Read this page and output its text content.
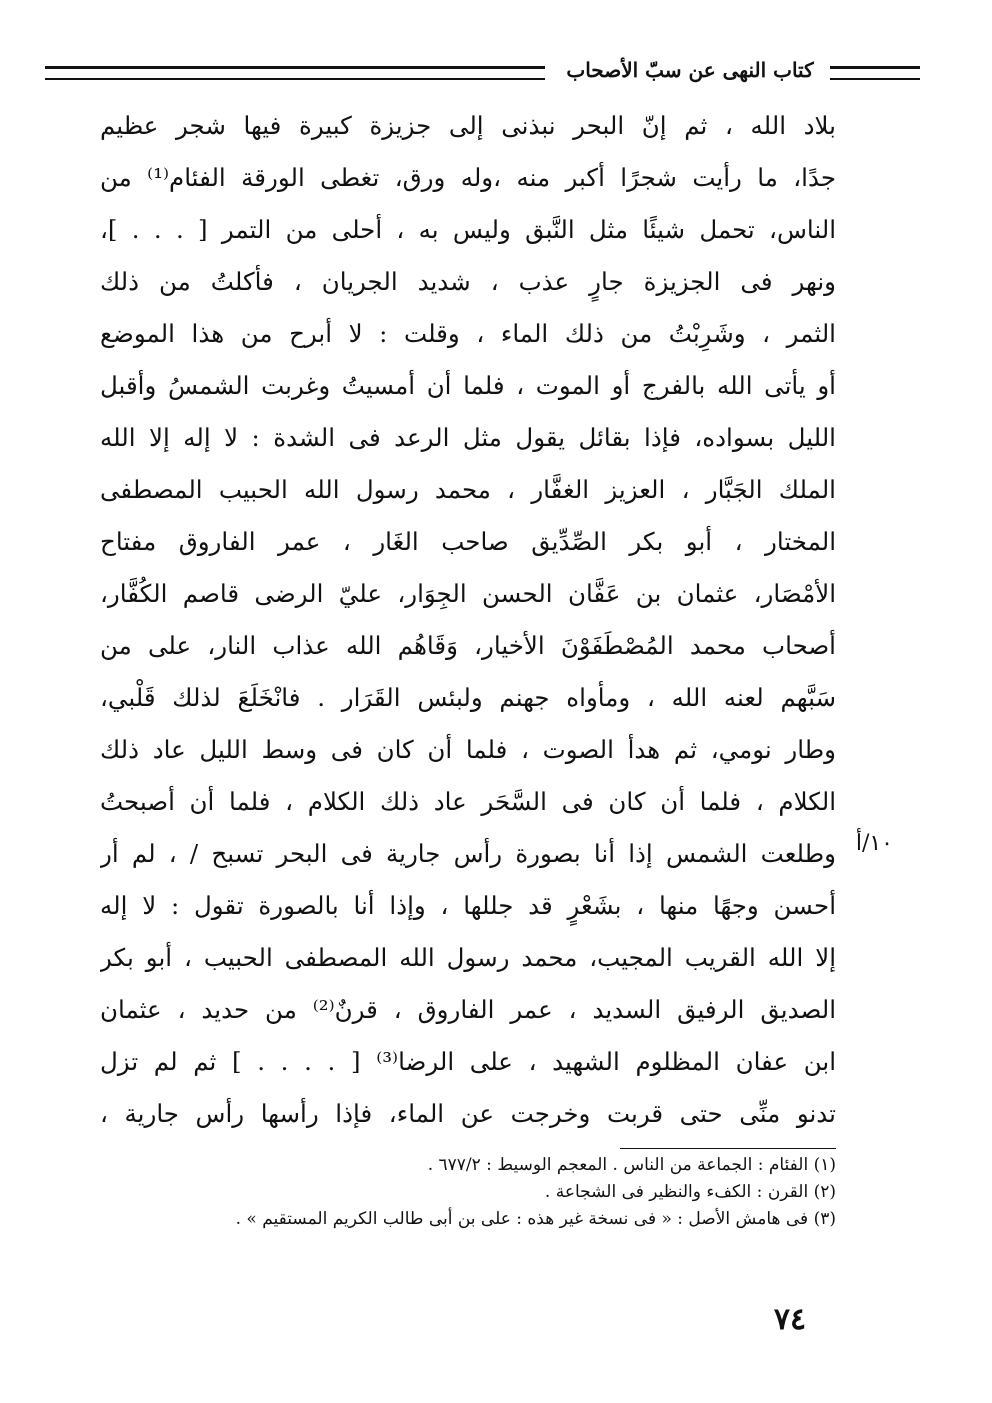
كتاب النهى عن سبّ الأصحاب
بلاد الله ، ثم إنّ البحر نبذنى إلى جزيزة كبيرة فيها شجر عظيم
جدًا، ما رأيت شجرًا أكبر منه ،وله ورق، تغطى الورقة الفئام⁽¹⁾ من
الناس، تحمل شيئًا مثل النَّبق وليس به ، أحلى من التمر [ . . . ]،
ونهر فى الجزيزة جارٍ عذب ، شديد الجريان ، فأكلتُ من ذلك
الثمر ، وشَرِبْتُ من ذلك الماء ، وقلت : لا أبرح من هذا الموضع
أو يأتى الله بالفرج أو الموت ، فلما أن أمسيتُ وغربت الشمسُ وأقبل
الليل بسواده، فإذا بقائل يقول مثل الرعد فى الشدة : لا إله إلا الله
الملك الجَبَّار ، العزيز الغفَّار ، محمد رسول الله الحبيب المصطفى
المختار ، أبو بكر الصِّدِّيق صاحب الغَار ، عمر الفاروق مفتاح
الأمْصَار، عثمان بن عَفَّان الحسن الجِوَار، عليّ الرضى قاصم الكُفَّار،
أصحاب محمد المُصْطَفَوْنَ الأخيار، وَقَاهُم الله عذاب النار، على من
سَبَّهم لعنه الله ، ومأواه جهنم ولبئس القَرَار . فانْخَلَعَ لذلك قَلْبي،
وطار نومي، ثم هدأ الصوت ، فلما أن كان فى وسط الليل عاد ذلك
الكلام ، فلما أن كان فى السَّحَر عاد ذلك الكلام ، فلما أن أصبحتُ
وطلعت الشمس إذا أنا بصورة رأس جارية فى البحر تسبح / ، لم أر
أحسن وجهًا منها ، بشَعْرٍ قد جللها ، وإذا أنا بالصورة تقول : لا إله
إلا الله القريب المجيب، محمد رسول الله المصطفى الحبيب ، أبو بكر
الصديق الرفيق السديد ، عمر الفاروق ، قرنٌ⁽²⁾ من حديد ، عثمان
ابن عفان المظلوم الشهيد ، على الرضا⁽³⁾ [ . . . . ] ثم لم تزل
تدنو منِّى حتى قربت وخرجت عن الماء، فإذا رأسها رأس جارية ،
١٠/أ
(١) الفئام : الجماعة من الناس . المعجم الوسيط : ٦٧٧/٢ .
(٢) القرن : الكفء والنظير فى الشجاعة .
(٣) فى هامش الأصل : « فى نسخة غير هذه : على بن أبى طالب الكريم المستقيم » .
٧٤
